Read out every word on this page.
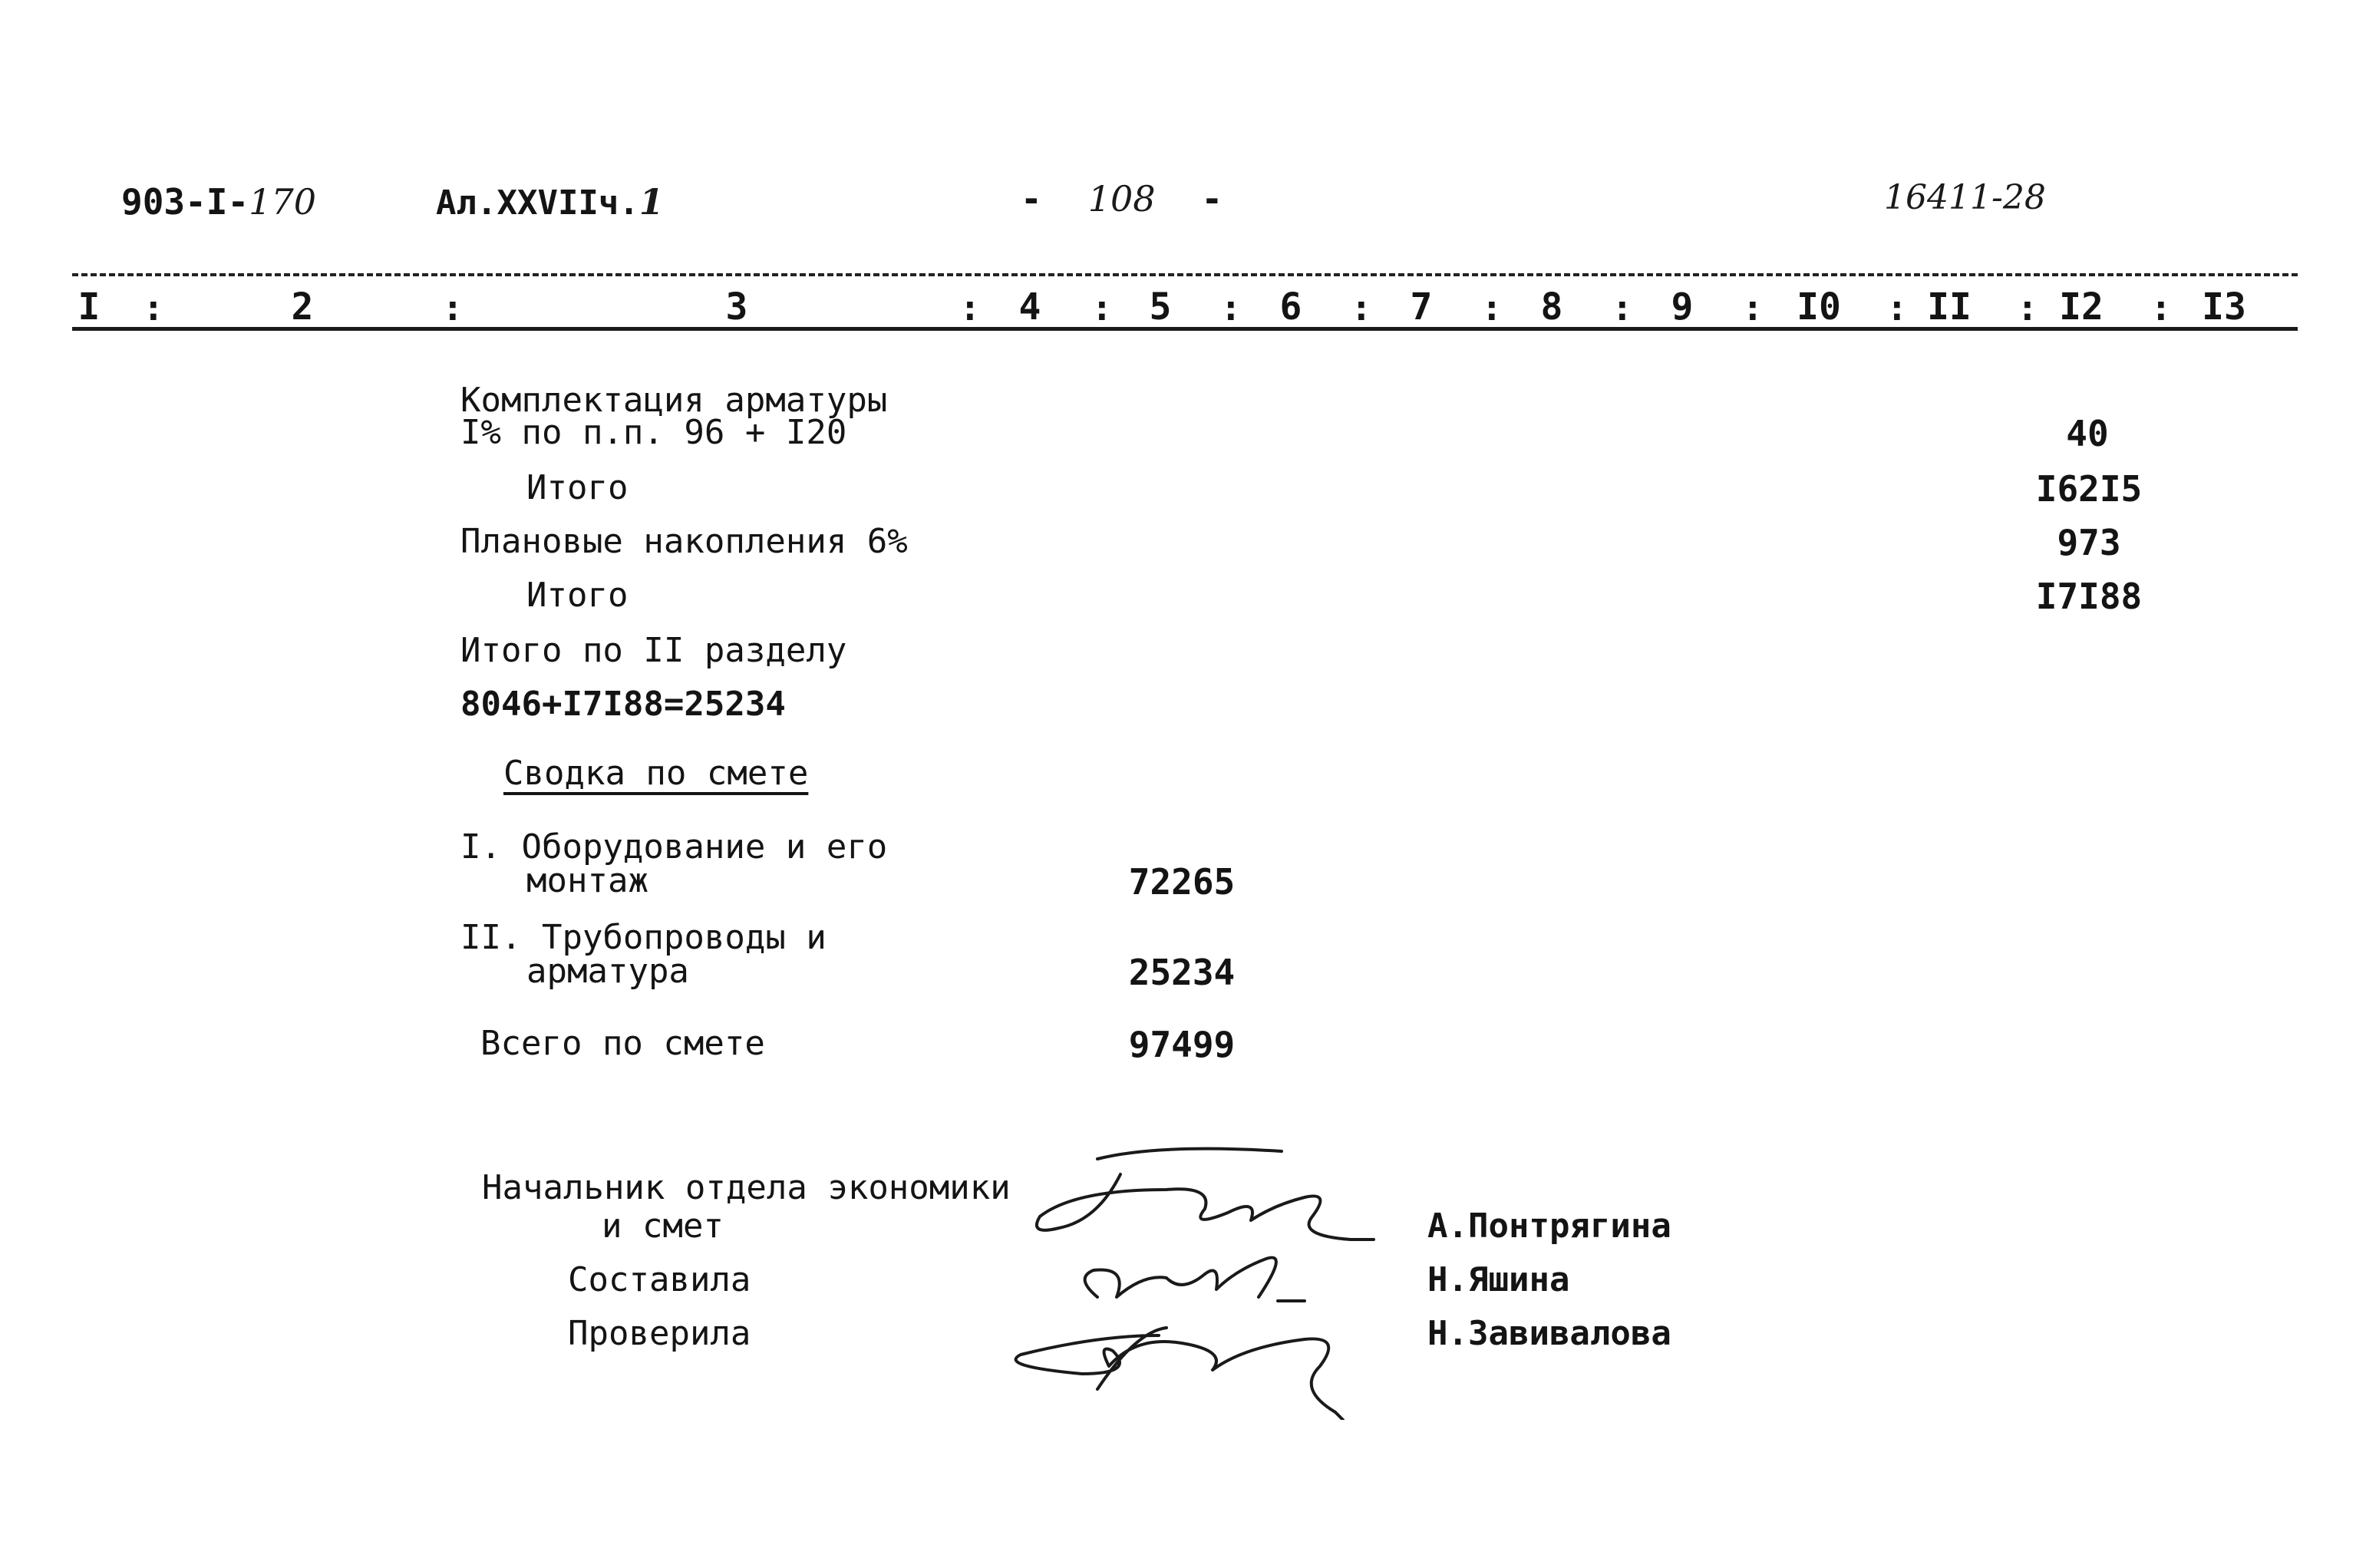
903-I-170	Ал.XXVIIч.1	- 108 -	16411-28
I	:	2	:	3	:	4	: 5	:	6	:	7	:	8	:	9	: I0 : II : I2 : I3
Комплектация арматуры
I% по п.п. 96 + I20	40
Итого	I62I5
Плановые накопления 6%	973
Итого	I7I88
Итого по II разделу
8046+I7I88=25234
Сводка по смете
I. Оборудование и его
монтаж	72265
II. Трубопроводы и
арматура	25234
Всего по смете	97499
Начальник отдела экономики
и смет	А.Понтрягина
Составила	Н.Яшина
Проверила	Н.Завивалова
